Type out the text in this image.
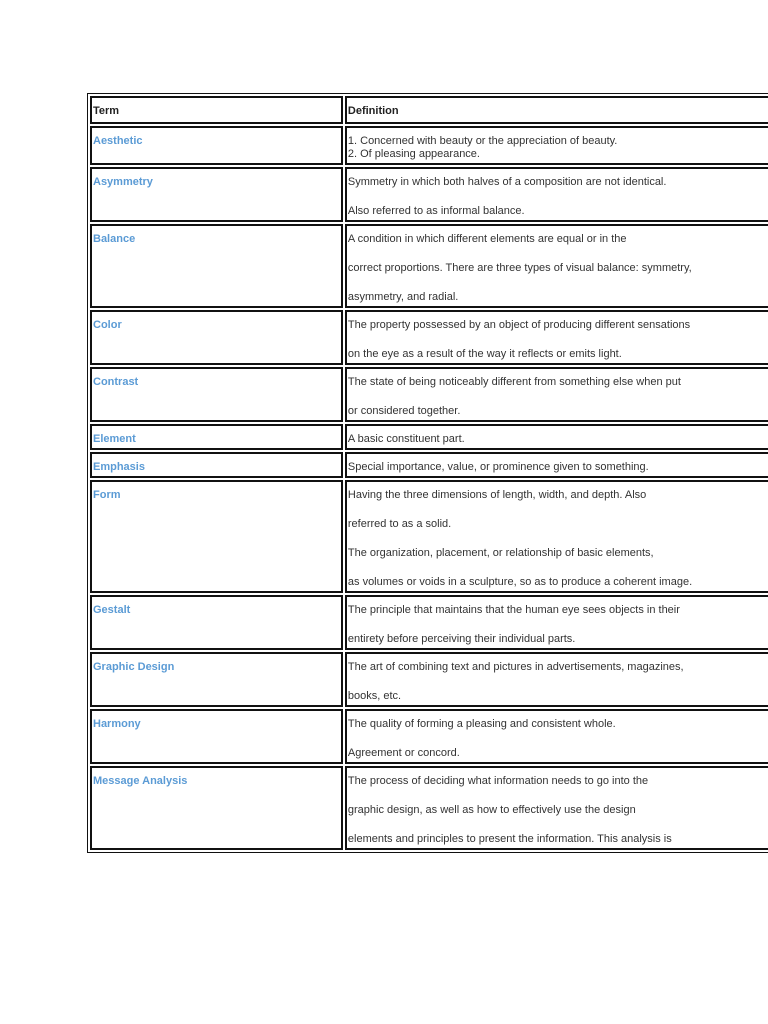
Term	Definition

Aesthetic	1. Concerned with beauty or the appreciation of beauty.
2. Of pleasing appearance.

Asymmetry	Symmetry in which both halves of a composition are not identical.
Also referred to as informal balance.

Balance	A condition in which different elements are equal or in the
correct proportions. There are three types of visual balance: symmetry,
asymmetry, and radial.

Color	The property possessed by an object of producing different sensations
on the eye as a result of the way it reflects or emits light.

Contrast	The state of being noticeably different from something else when put
or considered together.

Element	A basic constituent part.

Emphasis	Special importance, value, or prominence given to something.

Form	Having the three dimensions of length, width, and depth. Also
referred to as a solid.
The organization, placement, or relationship of basic elements,
as volumes or voids in a sculpture, so as to produce a coherent image.

Gestalt	The principle that maintains that the human eye sees objects in their
entirety before perceiving their individual parts.

Graphic Design	The art of combining text and pictures in advertisements, magazines,
books, etc.

Harmony	The quality of forming a pleasing and consistent whole.
Agreement or concord.

Message Analysis	The process of deciding what information needs to go into the
graphic design, as well as how to effectively use the design
elements and principles to present the information. This analysis is
